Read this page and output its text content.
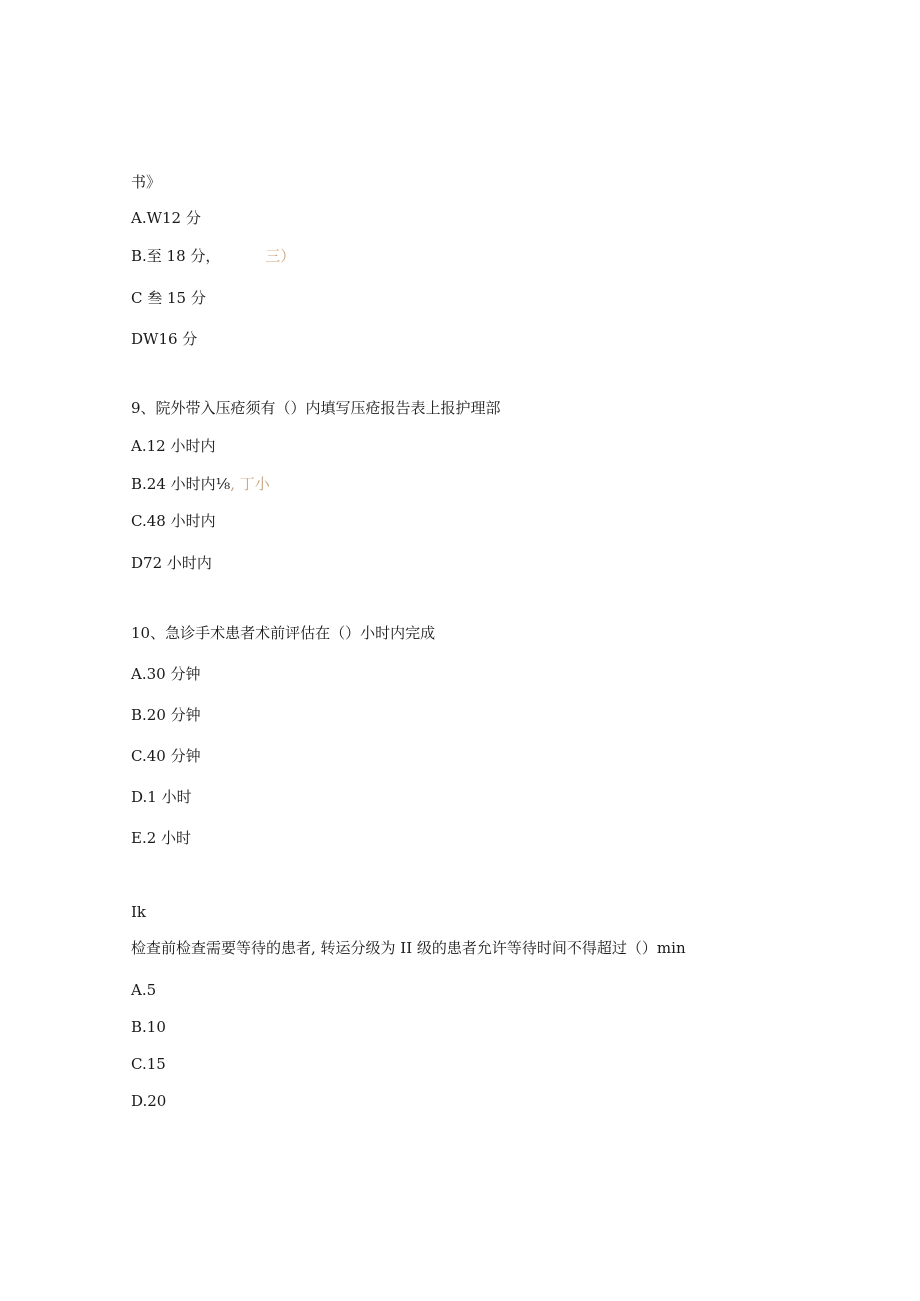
书》
A.W12 分
B.至 18 分，	三）
C 叁 15 分
DW16 分
9、院外带入压疮须有（）内填写压疮报告表上报护理部
A.12 小时内
B.24 小时内⅛, 丁小
C.48 小时内
D72 小时内
10、急诊手术患者术前评估在（）小时内完成
A.30 分钟
B.20 分钟
C.40 分钟
D.1 小时
E.2 小时
Ik
检查前检查需要等待的患者, 转运分级为 II 级的患者允许等待时间不得超过（）min
A.5
B.10
C.15
D.20
